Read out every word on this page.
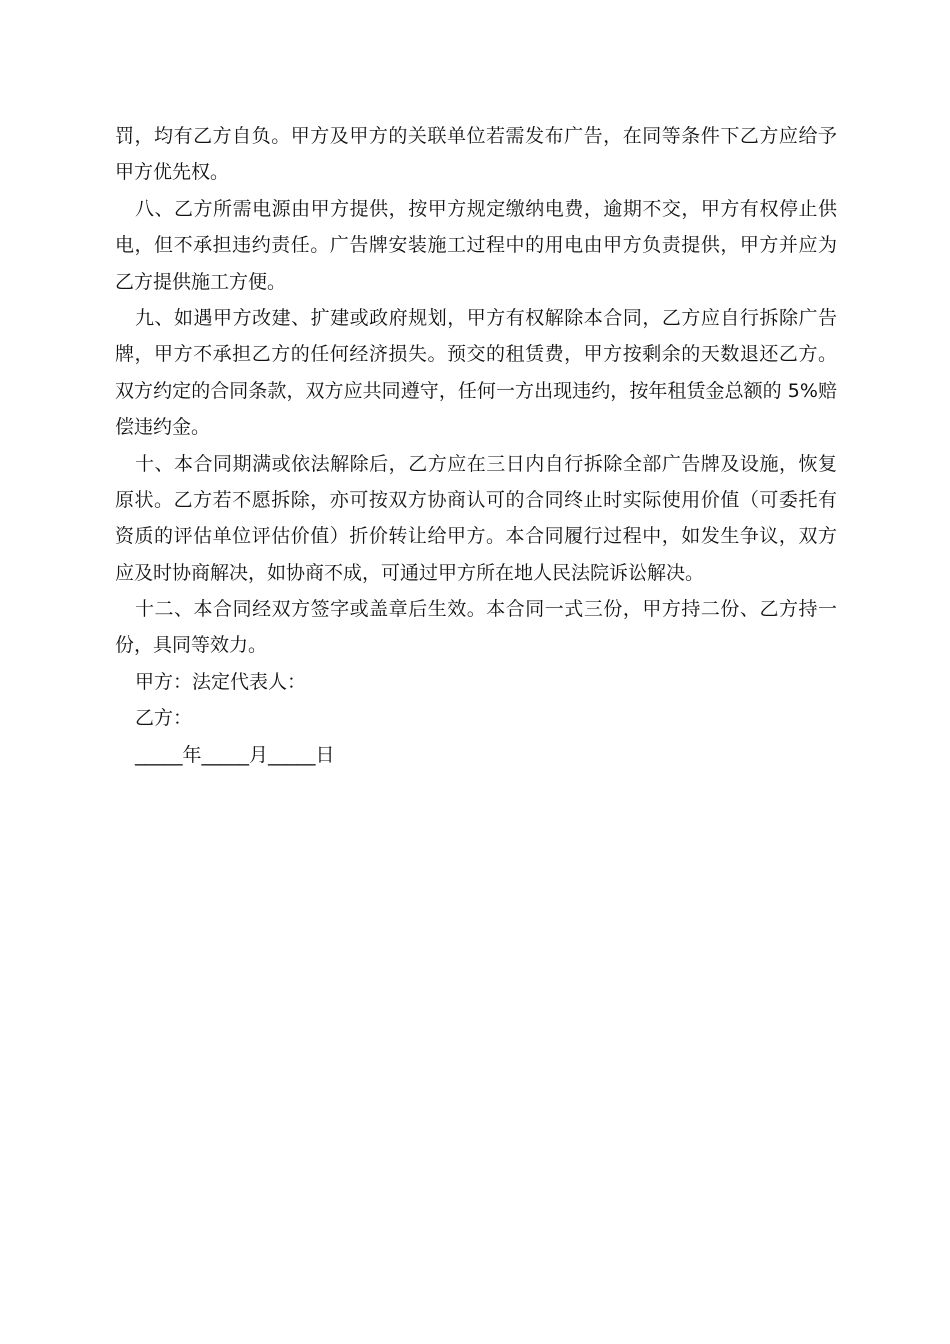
罚，均有乙方自负。甲方及甲方的关联单位若需发布广告，在同等条件下乙方应给予
甲方优先权。
八、乙方所需电源由甲方提供，按甲方规定缴纳电费，逾期不交，甲方有权停止供
电，但不承担违约责任。广告牌安装施工过程中的用电由甲方负责提供，甲方并应为
乙方提供施工方便。
九、如遇甲方改建、扩建或政府规划，甲方有权解除本合同，乙方应自行拆除广告
牌，甲方不承担乙方的任何经济损失。预交的租赁费，甲方按剩余的天数退还乙方。
双方约定的合同条款，双方应共同遵守，任何一方出现违约，按年租赁金总额的 5%赔
偿违约金。
十、本合同期满或依法解除后，乙方应在三日内自行拆除全部广告牌及设施，恢复
原状。乙方若不愿拆除，亦可按双方协商认可的合同终止时实际使用价值（可委托有
资质的评估单位评估价值）折价转让给甲方。本合同履行过程中，如发生争议，双方
应及时协商解决，如协商不成，可通过甲方所在地人民法院诉讼解决。
十二、本合同经双方签字或盖章后生效。本合同一式三份，甲方持二份、乙方持一
份，具同等效力。
甲方：法定代表人：
乙方：
_____年_____月_____日
